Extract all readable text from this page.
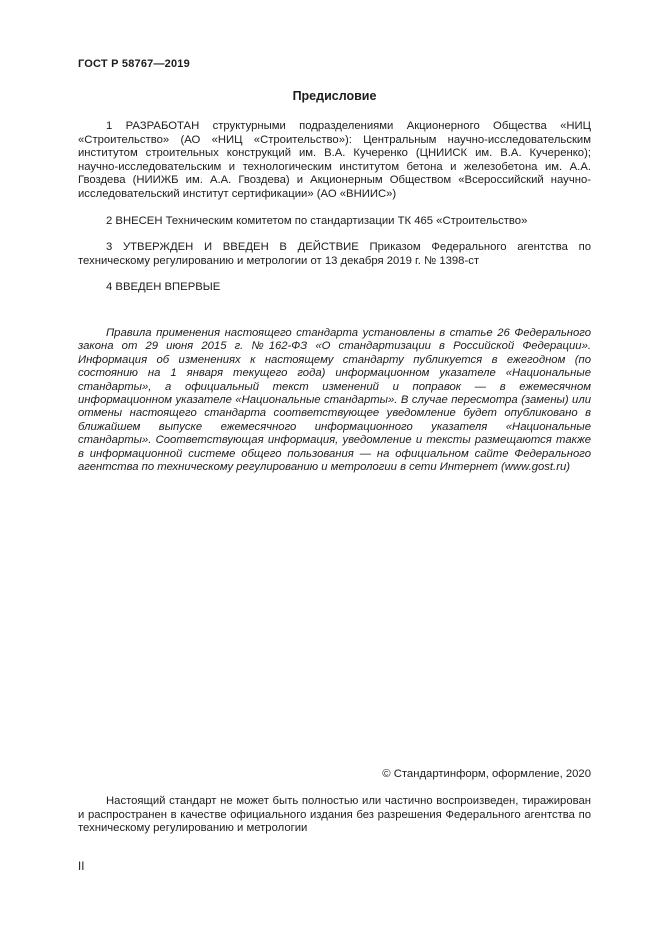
ГОСТ Р 58767—2019
Предисловие

1 РАЗРАБОТАН структурными подразделениями Акционерного Общества «НИЦ «Строительство» (АО «НИЦ «Строительство»): Центральным научно-исследовательским институтом строительных конструкций им. В.А. Кучеренко (ЦНИИСК им. В.А. Кучеренко); научно-исследовательским и технологическим институтом бетона и железобетона им. А.А. Гвоздева (НИИЖБ им. А.А. Гвоздева) и Акционерным Обществом «Всероссийский научно-исследовательский институт сертификации» (АО «ВНИИС»)

2 ВНЕСЕН Техническим комитетом по стандартизации ТК 465 «Строительство»

3 УТВЕРЖДЕН И ВВЕДЕН В ДЕЙСТВИЕ Приказом Федерального агентства по техническому регулированию и метрологии от 13 декабря 2019 г. № 1398-ст

4 ВВЕДЕН ВПЕРВЫЕ

Правила применения настоящего стандарта установлены в статье 26 Федерального закона от 29 июня 2015 г. №162-ФЗ «О стандартизации в Российской Федерации». Информация об изменениях к настоящему стандарту публикуется в ежегодном (по состоянию на 1 января текущего года) информационном указателе «Национальные стандарты», а официальный текст изменений и поправок — в ежемесячном информационном указателе «Национальные стандарты». В случае пересмотра (замены) или отмены настоящего стандарта соответствующее уведомление будет опубликовано в ближайшем выпуске ежемесячного информационного указателя «Национальные стандарты». Соответствующая информация, уведомление и тексты размещаются также в информационной системе общего пользования — на официальном сайте Федерального агентства по техническому регулированию и метрологии в сети Интернет (www.gost.ru)

© Стандартинформ, оформление, 2020
Настоящий стандарт не может быть полностью или частично воспроизведен, тиражирован и распространен в качестве официального издания без разрешения Федерального агентства по техническому регулированию и метрологии
II
